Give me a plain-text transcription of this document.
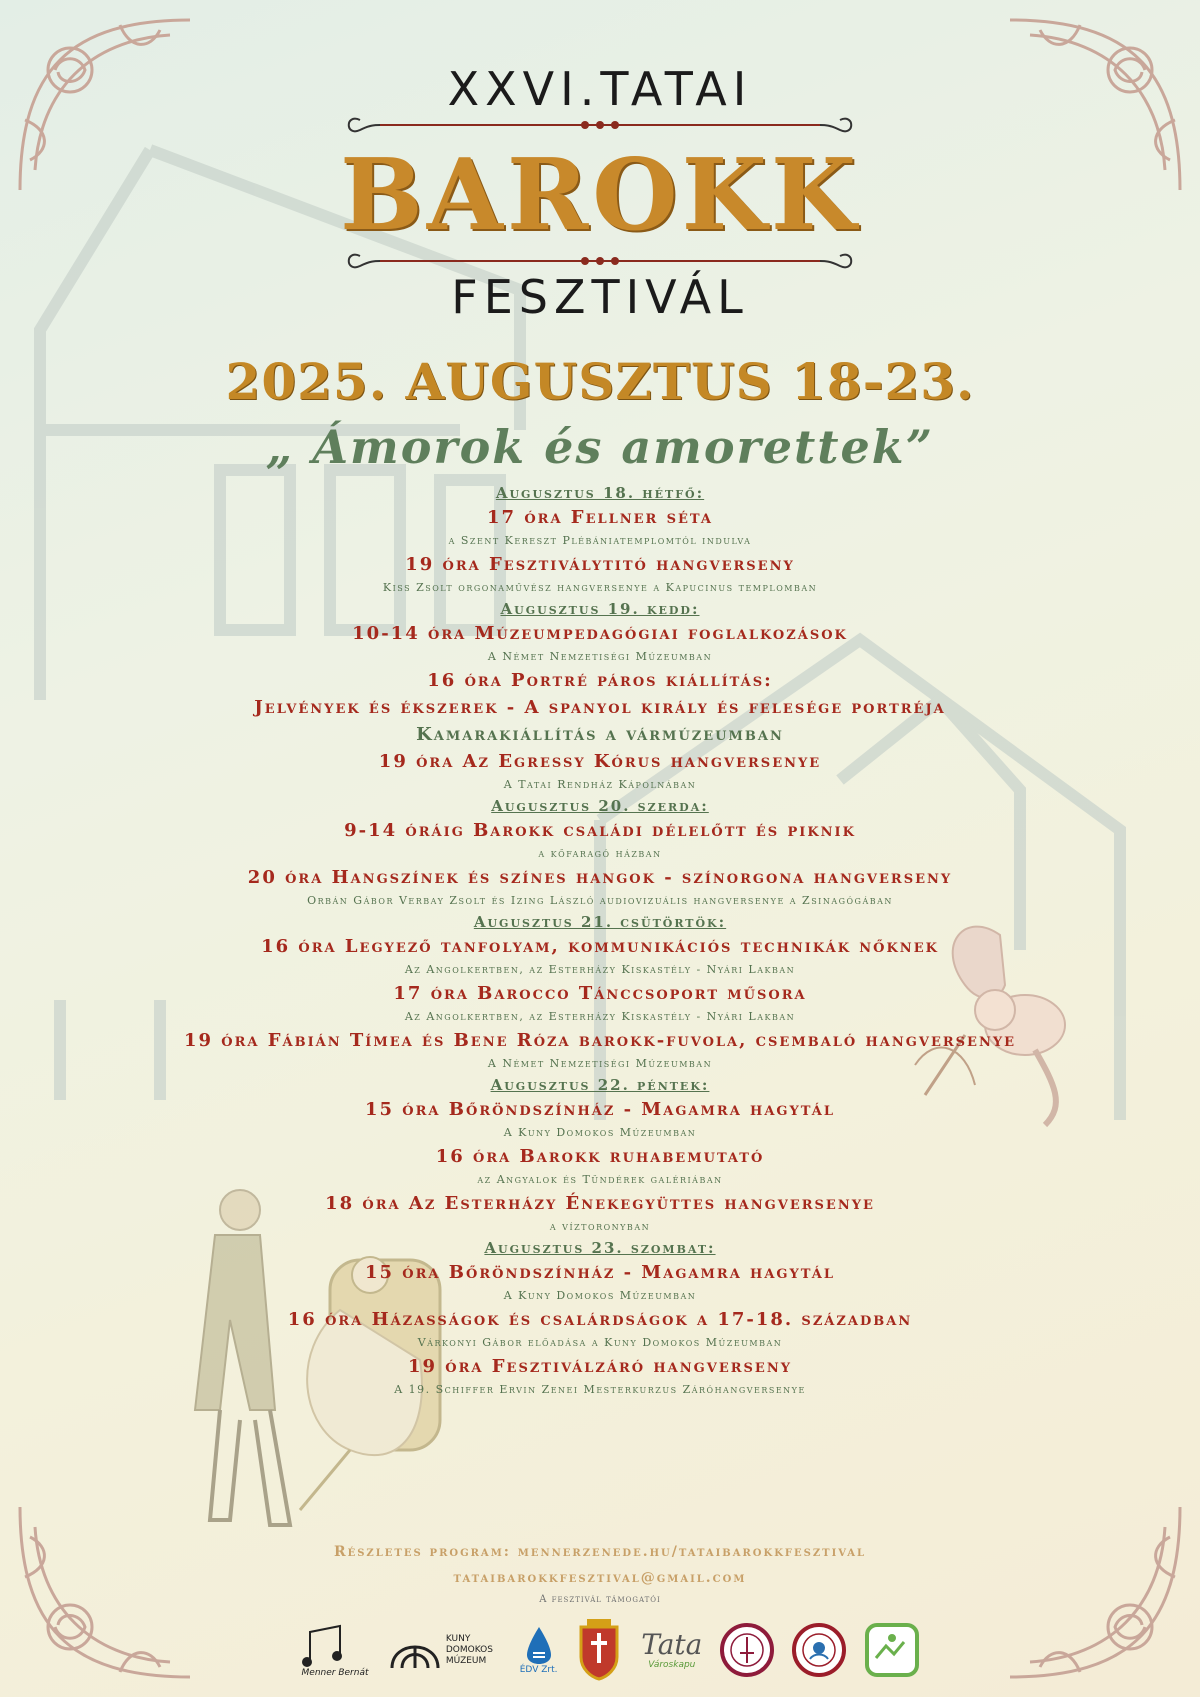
XXVI.TATAI
BAROKK
FESZTIVÁL
2025. AUGUSZTUS 18-23.
„ Ámorok és amorettek”
Augusztus 18. hétfő:
17 óra Fellner séta
a Szent Kereszt Plébániatemplomtól indulva
19 óra Fesztiválytitó hangverseny
Kiss Zsolt orgonaművész hangversenye a Kapucinus templomban
Augusztus 19. kedd:
10-14 óra Múzeumpedagógiai foglalkozások
A Német Nemzetiségi Múzeumban
16 óra Portré páros kiállítás:
Jelvények és ékszerek - A spanyol király és felesége portréja
Kamarakiállítás a vármúzeumban
19 óra Az Egressy Kórus hangversenye
A Tatai Rendház Kápolnában
Augusztus 20. szerda:
9-14 óráig Barokk családi délelőtt és piknik
a kőfaragó házban
20 óra Hangszínek és színes hangok - színorgona hangverseny
Orbán Gábor Verbay Zsolt és Izing László audiovizuális hangversenye a Zsinagógában
Augusztus 21. csütörtök:
16 óra Legyező tanfolyam, kommunikációs technikák nőknek
Az Angolkertben, az Esterházy Kiskastély - Nyári Lakban
17 óra Barocco Tánccsoport műsora
Az Angolkertben, az Esterházy Kiskastély - Nyári Lakban
19 óra Fábián Tímea és Bene Róza barokk-fuvola, csembaló hangversenye
A Német Nemzetiségi Múzeumban
Augusztus 22. péntek:
15 óra Bőröndszínház - Magamra hagytál
A Kuny Domokos Múzeumban
16 óra Barokk ruhabemutató
az Angyalok és Tündérek galériában
18 óra Az Esterházy Énekegyüttes hangversenye
a víztoronyban
Augusztus 23. szombat:
15 óra Bőröndszínház - Magamra hagytál
A Kuny Domokos Múzeumban
16 óra Házasságok és csalárdságok a 17-18. században
Várkonyi Gábor előadása a Kuny Domokos Múzeumban
19 óra Fesztiválzáró hangverseny
A 19. Schiffer Ervin Zenei Mesterkurzus Záróhangversenye
Részletes program: mennerzenede.hu/tataibarokkfesztival
tataibarokkfesztival@gmail.com
A fesztivál támogatói
Menner Bernát
KUNY DOMOKOS MÚZEUM
ÉDV Zrt.
Tata
Városkapu
